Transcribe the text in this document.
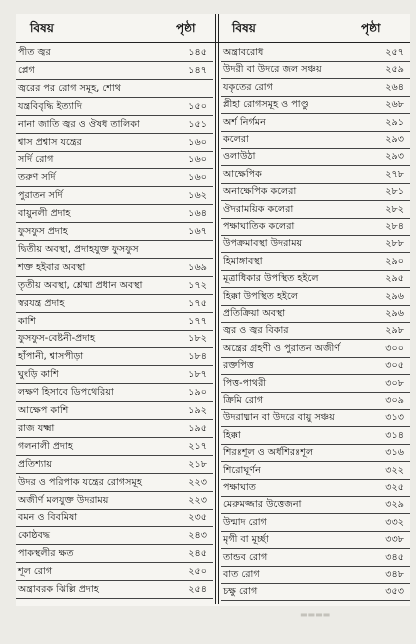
বিষয়	পৃষ্ঠা	বিষয়	পৃষ্ঠা
পীত জ্বর	১৪৫
প্লেগ	১৪৭
জ্বরের পর রোগ সমূহ, শোথ
যন্ত্রবিবৃদ্ধি ইত্যাদি	১৫০
নানা জাতি জ্বর ও ঔষধ তালিকা	১৫১
শ্বাস প্রশ্বাস যন্ত্রের	১৬০
সর্দি রোগ	১৬০
তরুণ সর্দি	১৬০
পুরাতন সর্দি	১৬২
বায়ুনলী প্রদাহ	১৬৪
ফুসফুস প্রদাহ	১৬৭
দ্বিতীয় অবস্থা, প্রদাহযুক্ত ফুসফুস
শক্ত হইবার অবস্থা	১৬৯
তৃতীয় অবস্থা, শ্লেষ্মা প্রধান অবস্থা	১৭২
স্বরযন্ত্র প্রদাহ	১৭৫
কাশি	১৭৭
ফুসফুস-বেষ্টনী-প্রদাহ	১৮২
হাঁপানী, শ্বাসপীড়া	১৮৪
ঘুংড়ি কাশি	১৮৭
লক্ষণ হিসাবে ডিপথেরিয়া	১৯০
আক্ষেপ কাশি	১৯২
রাজ যক্ষ্মা	১৯৫
গলনালী প্রদাহ	২১৭
প্রতিশ্যায়	২১৮
উদর ও পরিপাক যন্ত্রের রোগসমূহ	২২৩
অজীর্ণ মলযুক্ত উদরাময়	২২৩
বমন ও বিবমিষা	২৩৫
কোষ্ঠবদ্ধ	২৪৩
পাকস্থলীর ক্ষত	২৪৫
শূল রোগ	২৫০
অন্ত্রাবরক ঝিল্লি প্রদাহ	২৫৪
অন্ত্রাবরোধ	২৫৭
উদরী বা উদরে জল সঞ্চয়	২৫৯
যকৃতের রোগ	২৬৪
প্লীহা রোগসমূহ ও পাণ্ডু	২৬৮
অর্শ নির্গমন	২৯১
কলেরা	২৯৩
ওলাউঠা	২৯৩
আক্ষেপিক	২৭৮
অনাক্ষেপিক কলেরা	২৮১
ঔদরাময়িক কলেরা	২৮২
পক্ষাঘাতিক কলেরা	২৮৪
উপক্রমাবস্থা উদরাময়	২৮৮
হিমাঙ্গাবস্থা	২৯০
মূত্রাধিকার উপস্থিত হইলে	২৯৫
হিক্কা উপস্থিত হইলে	২৯৬
প্রতিক্রিয়া অবস্থা	২৯৬
জ্বর ও জ্বর বিকার	২৯৮
অন্ত্রের গ্রহণী ও পুরাতন অজীর্ণ	৩০০
রক্তপিত্ত	৩০৫
পিত্ত-পাথরী	৩০৮
ক্রিমি রোগ	৩০৯
উদরাধ্মান বা উদরে বায়ু সঞ্চয়	৩১৩
হিক্কা	৩১৪
শিরঃশূল ও অর্ধশিরঃশূল	৩১৬
শিরোঘূর্ণন	৩২২
পক্ষাঘাত	৩২৫
মেরুমজ্জার উত্তেজনা	৩২৯
উন্মাদ রোগ	৩৩২
মৃগী বা মূর্চ্ছা	৩৩৮
তান্ডব রোগ	৩৪৫
বাত রোগ	৩৪৮
চক্ষু রোগ	৩৫৩
▬▬▬▬
